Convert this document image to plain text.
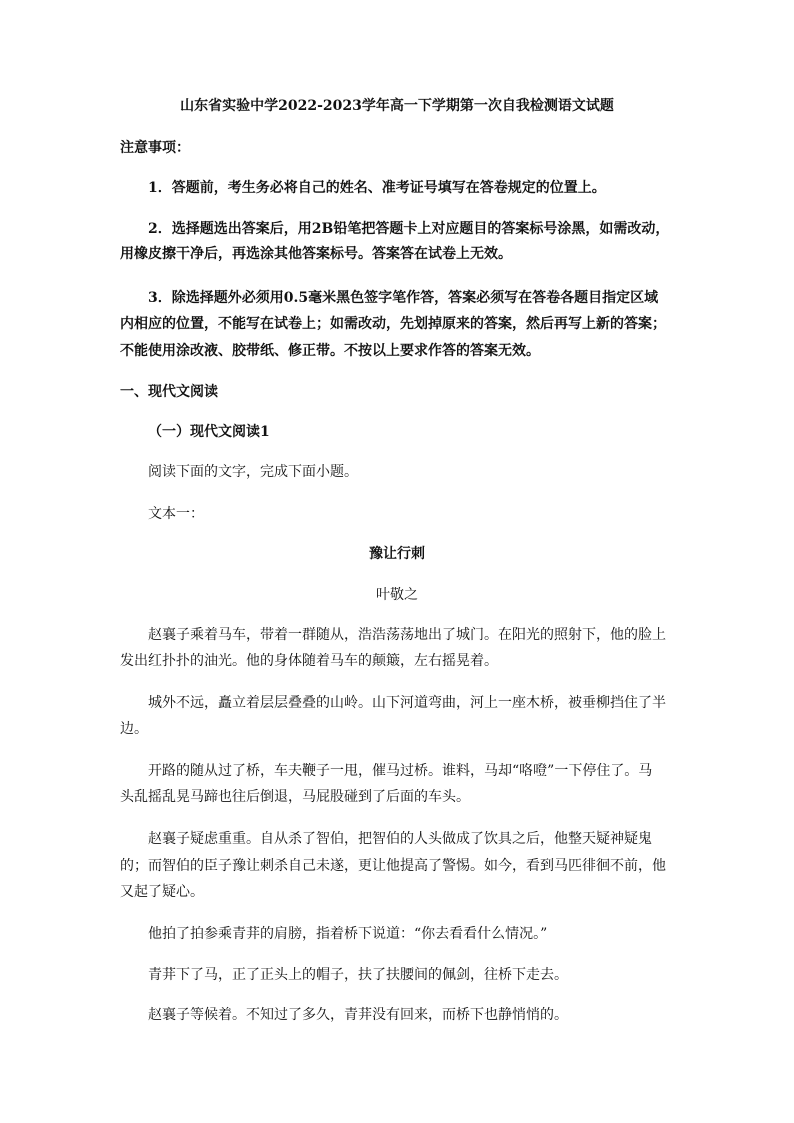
山东省实验中学2022-2023学年高一下学期第一次自我检测语文试题
注意事项：
1．答题前，考生务必将自己的姓名、准考证号填写在答卷规定的位置上。
2．选择题选出答案后，用2B铅笔把答题卡上对应题目的答案标号涂黑，如需改动，
用橡皮擦干净后，再选涂其他答案标号。答案答在试卷上无效。
3．除选择题外必须用0.5毫米黑色签字笔作答，答案必须写在答卷各题目指定区域
内相应的位置，不能写在试卷上；如需改动，先划掉原来的答案，然后再写上新的答案；
不能使用涂改液、胶带纸、修正带。不按以上要求作答的答案无效。
一、现代文阅读
（一）现代文阅读1
阅读下面的文字，完成下面小题。
文本一：
豫让行刺
叶敬之
赵襄子乘着马车，带着一群随从，浩浩荡荡地出了城门。在阳光的照射下，他的脸上
发出红扑扑的油光。他的身体随着马车的颠簸，左右摇晃着。
城外不远，矗立着层层叠叠的山岭。山下河道弯曲，河上一座木桥，被垂柳挡住了半
边。
开路的随从过了桥，车夫鞭子一甩，催马过桥。谁料，马却“咯噔”一下停住了。马
头乱摇乱晃马蹄也往后倒退，马屁股碰到了后面的车头。
赵襄子疑虑重重。自从杀了智伯，把智伯的人头做成了饮具之后，他整天疑神疑鬼
的；而智伯的臣子豫让刺杀自己未遂，更让他提高了警惕。如今，看到马匹徘徊不前，他
又起了疑心。
他拍了拍参乘青荓的肩膀，指着桥下说道：“你去看看什么情况。”
青荓下了马，正了正头上的帽子，扶了扶腰间的佩剑，往桥下走去。
赵襄子等候着。不知过了多久，青荓没有回来，而桥下也静悄悄的。
